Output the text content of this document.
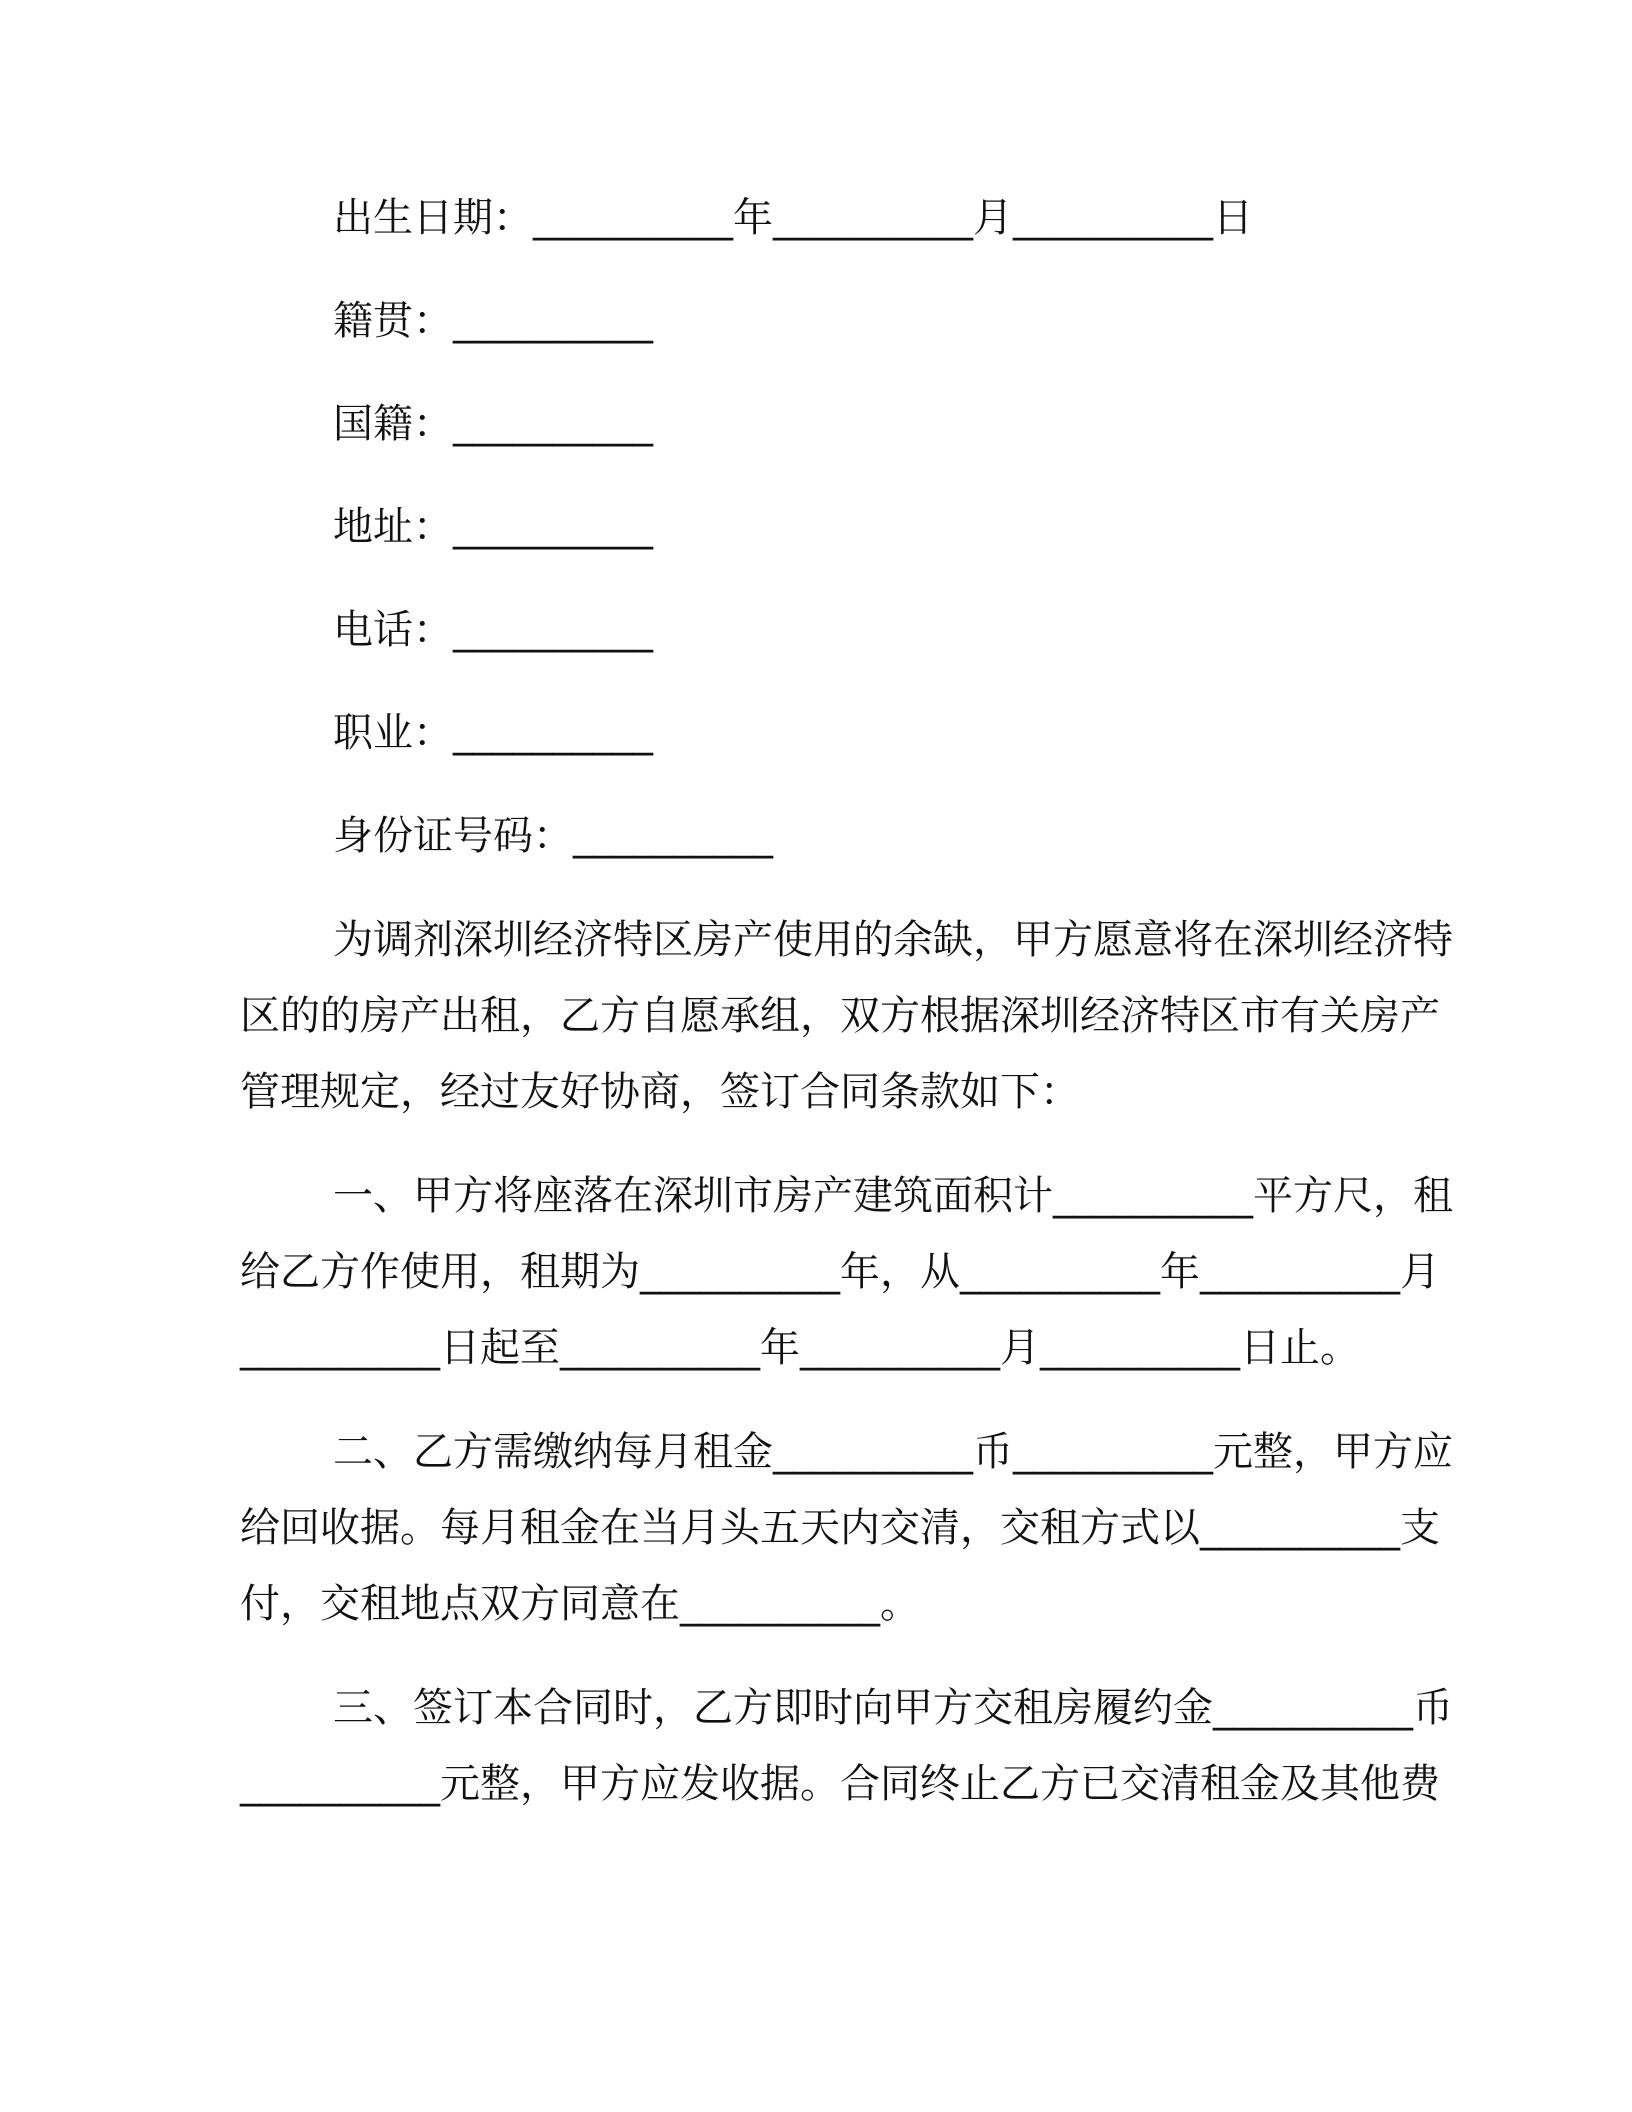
出生日期：__________年__________月__________日
籍贯：__________
国籍：__________
地址：__________
电话：__________
职业：__________
身份证号码：__________
为调剂深圳经济特区房产使用的余缺，甲方愿意将在深圳经济特
区的的房产出租，乙方自愿承组，双方根据深圳经济特区市有关房产
管理规定，经过友好协商，签订合同条款如下：
一、甲方将座落在深圳市房产建筑面积计__________平方尺，租
给乙方作使用，租期为__________年，从__________年__________月
__________日起至__________年__________月__________日止。
二、乙方需缴纳每月租金__________币__________元整，甲方应
给回收据。每月租金在当月头五天内交清，交租方式以__________支
付，交租地点双方同意在__________。
三、签订本合同时，乙方即时向甲方交租房履约金__________币
__________元整，甲方应发收据。合同终止乙方已交清租金及其他费
